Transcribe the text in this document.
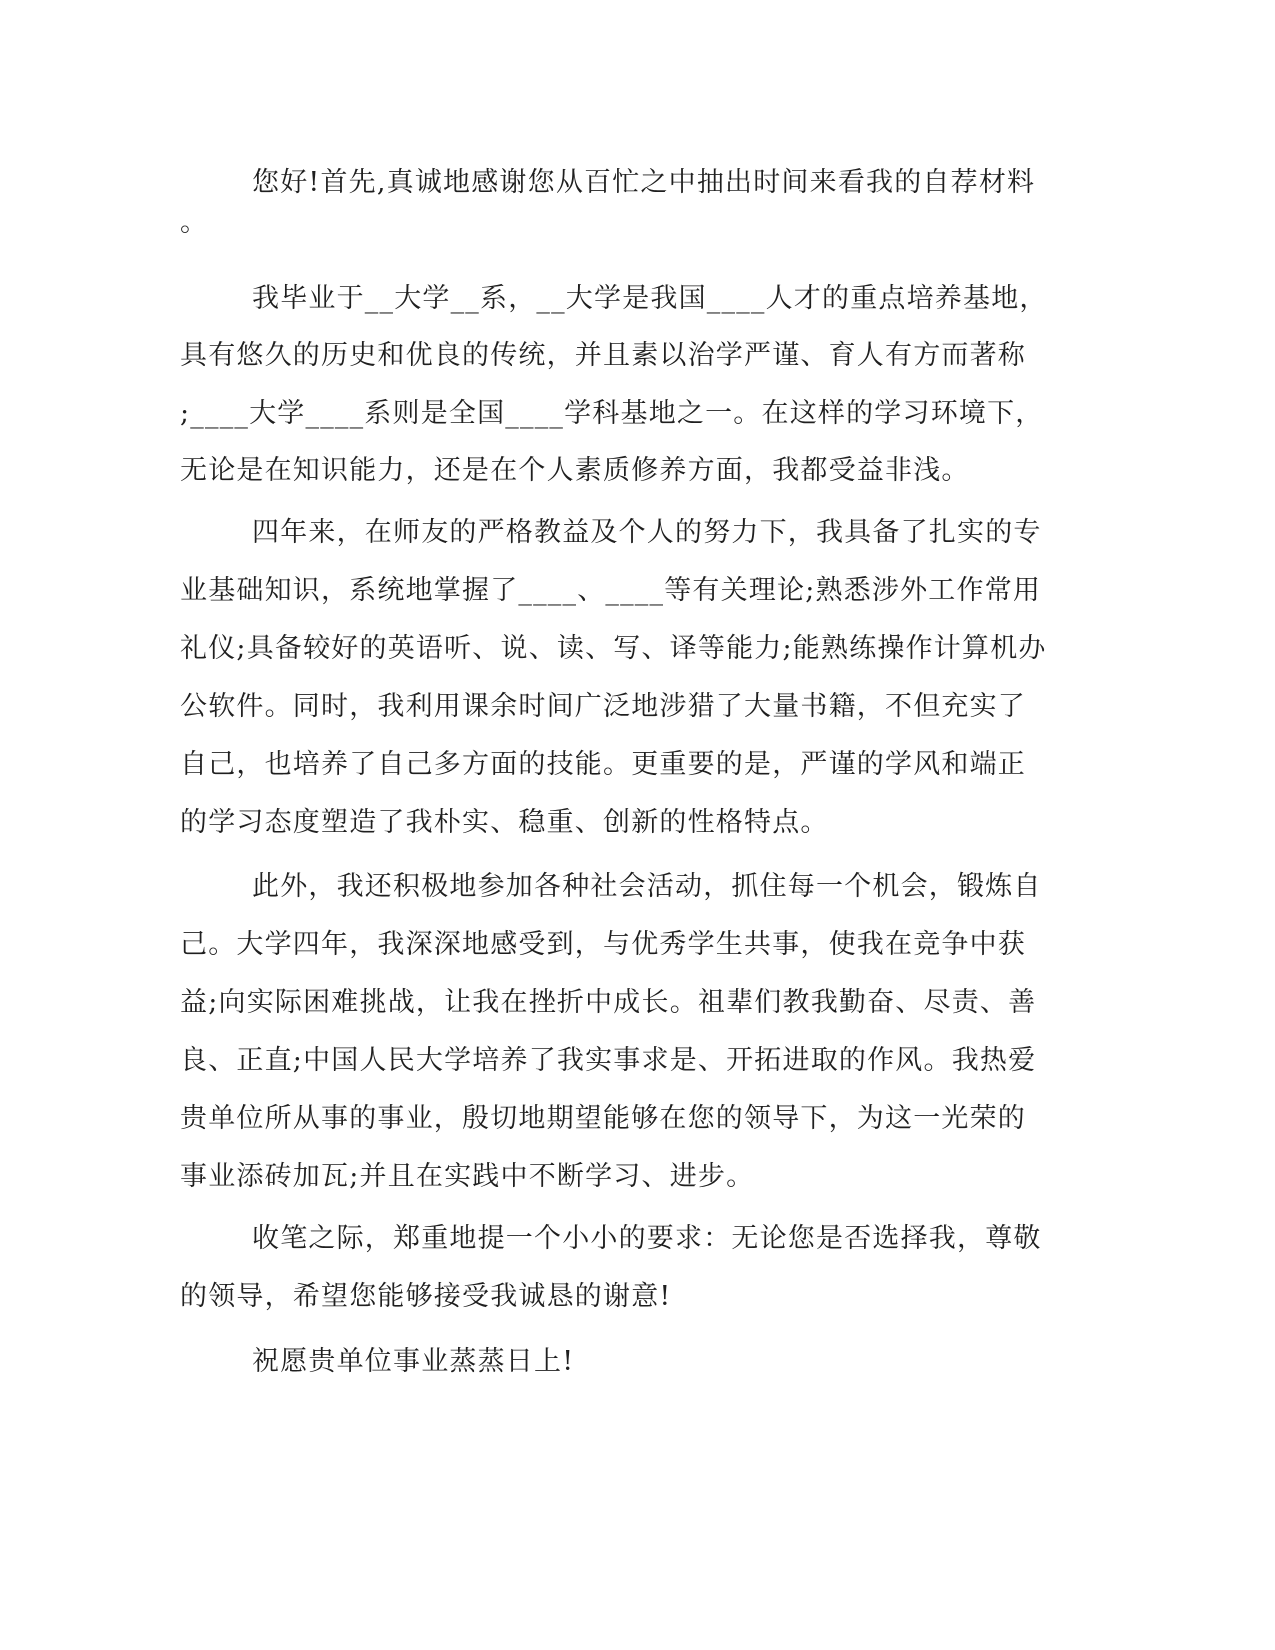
您好!首先,真诚地感谢您从百忙之中抽出时间来看我的自荐材料
。
我毕业于__大学__系，__大学是我国____人才的重点培养基地，
具有悠久的历史和优良的传统，并且素以治学严谨、育人有方而著称
;____大学____系则是全国____学科基地之一。在这样的学习环境下，
无论是在知识能力，还是在个人素质修养方面，我都受益非浅。
四年来，在师友的严格教益及个人的努力下，我具备了扎实的专
业基础知识，系统地掌握了____、____等有关理论;熟悉涉外工作常用
礼仪;具备较好的英语听、说、读、写、译等能力;能熟练操作计算机办
公软件。同时，我利用课余时间广泛地涉猎了大量书籍，不但充实了
自己，也培养了自己多方面的技能。更重要的是，严谨的学风和端正
的学习态度塑造了我朴实、稳重、创新的性格特点。
此外，我还积极地参加各种社会活动，抓住每一个机会，锻炼自
己。大学四年，我深深地感受到，与优秀学生共事，使我在竞争中获
益;向实际困难挑战，让我在挫折中成长。祖辈们教我勤奋、尽责、善
良、正直;中国人民大学培养了我实事求是、开拓进取的作风。我热爱
贵单位所从事的事业，殷切地期望能够在您的领导下，为这一光荣的
事业添砖加瓦;并且在实践中不断学习、进步。
收笔之际，郑重地提一个小小的要求：无论您是否选择我，尊敬
的领导，希望您能够接受我诚恳的谢意!
祝愿贵单位事业蒸蒸日上!
